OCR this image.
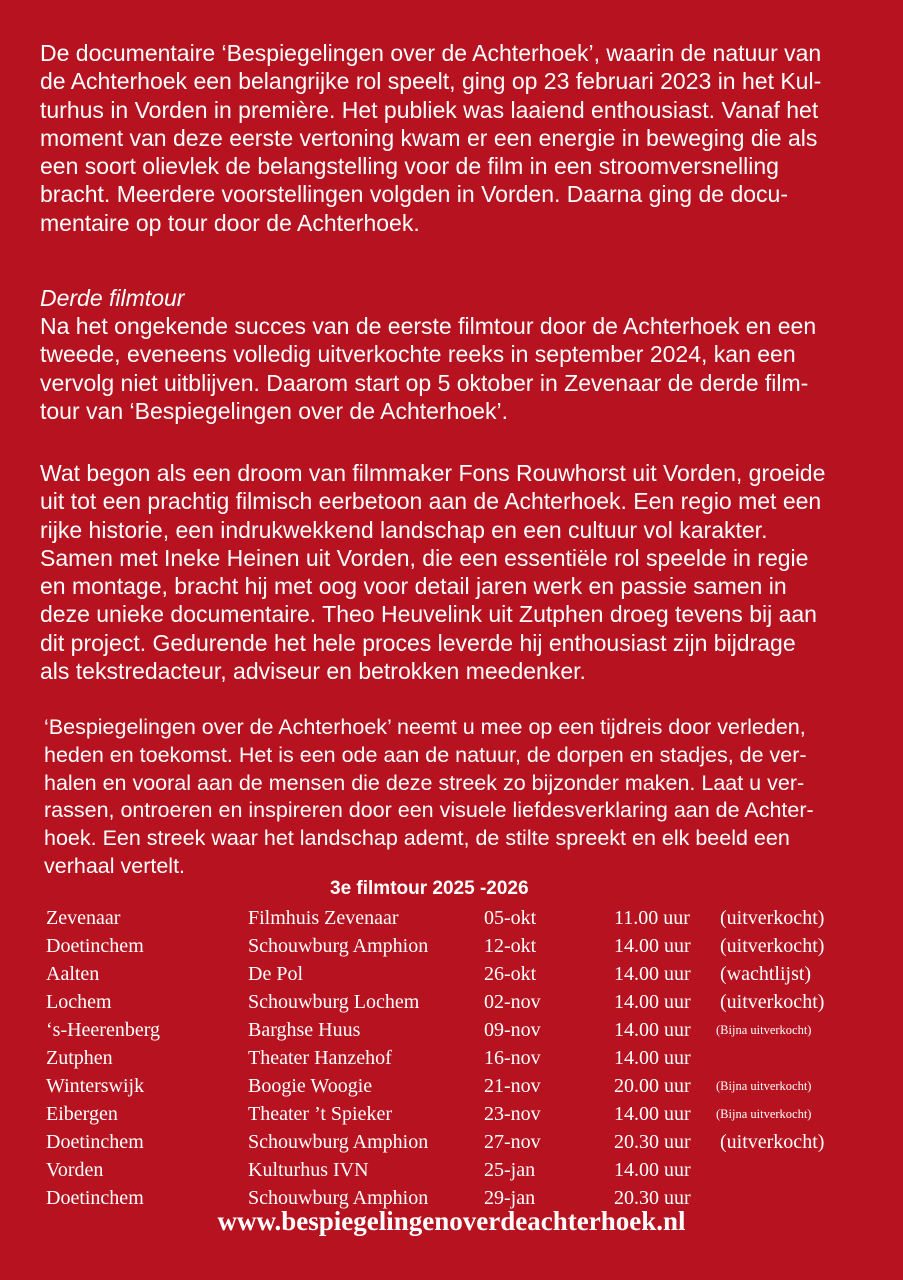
De documentaire ‘Bespiegelingen over de Achterhoek’, waarin de natuur van
de Achterhoek een belangrijke rol speelt, ging op 23 februari 2023 in het Kul-
turhus in Vorden in première. Het publiek was laaiend enthousiast. Vanaf het
moment van deze eerste vertoning kwam er een energie in beweging die als
een soort olievlek de belangstelling voor de film in een stroomversnelling
bracht. Meerdere voorstellingen volgden in Vorden. Daarna ging de docu-
mentaire op tour door de Achterhoek.
Derde filmtour
Na het ongekende succes van de eerste filmtour door de Achterhoek en een
tweede, eveneens volledig uitverkochte reeks in september 2024, kan een
vervolg niet uitblijven. Daarom start op 5 oktober in Zevenaar de derde film-
tour van ‘Bespiegelingen over de Achterhoek’.
Wat begon als een droom van filmmaker Fons Rouwhorst uit Vorden, groeide
uit tot een prachtig filmisch eerbetoon aan de Achterhoek. Een regio met een
rijke historie, een indrukwekkend landschap en een cultuur vol karakter.
Samen met Ineke Heinen uit Vorden, die een essentiële rol speelde in regie
en montage, bracht hij met oog voor detail jaren werk en passie samen in
deze unieke documentaire. Theo Heuvelink uit Zutphen droeg tevens bij aan
dit project. Gedurende het hele proces leverde hij enthousiast zijn bijdrage
als tekstredacteur, adviseur en betrokken meedenker.
‘Bespiegelingen over de Achterhoek’ neemt u mee op een tijdreis door verleden,
heden en toekomst. Het is een ode aan de natuur, de dorpen en stadjes, de ver-
halen en vooral aan de mensen die deze streek zo bijzonder maken. Laat u ver-
rassen, ontroeren en inspireren door een visuele liefdesverklaring aan de Achter-
hoek. Een streek waar het landschap ademt, de stilte spreekt en elk beeld een
verhaal vertelt.
3e filmtour 2025 -2026
Zevenaar	Filmhuis Zevenaar	05-okt	11.00 uur (uitverkocht)
Doetinchem	Schouwburg Amphion	12-okt	14.00 uur (uitverkocht)
Aalten	De Pol	26-okt	14.00 uur (wachtlijst)
Lochem	Schouwburg Lochem	02-nov	14.00 uur (uitverkocht)
‘s-Heerenberg	Barghse Huus	09-nov	14.00 uur (Bijna uitverkocht)
Zutphen	Theater Hanzehof	16-nov	14.00 uur
Winterswijk	Boogie Woogie	21-nov	20.00 uur (Bijna uitverkocht)
Eibergen	Theater ’t Spieker	23-nov	14.00 uur (Bijna uitverkocht)
Doetinchem	Schouwburg Amphion	27-nov	20.30 uur (uitverkocht)
Vorden	Kulturhus IVN	25-jan	14.00 uur
Doetinchem	Schouwburg Amphion	29-jan	20.30 uur
www.bespiegelingenoverdeachterhoek.nl
